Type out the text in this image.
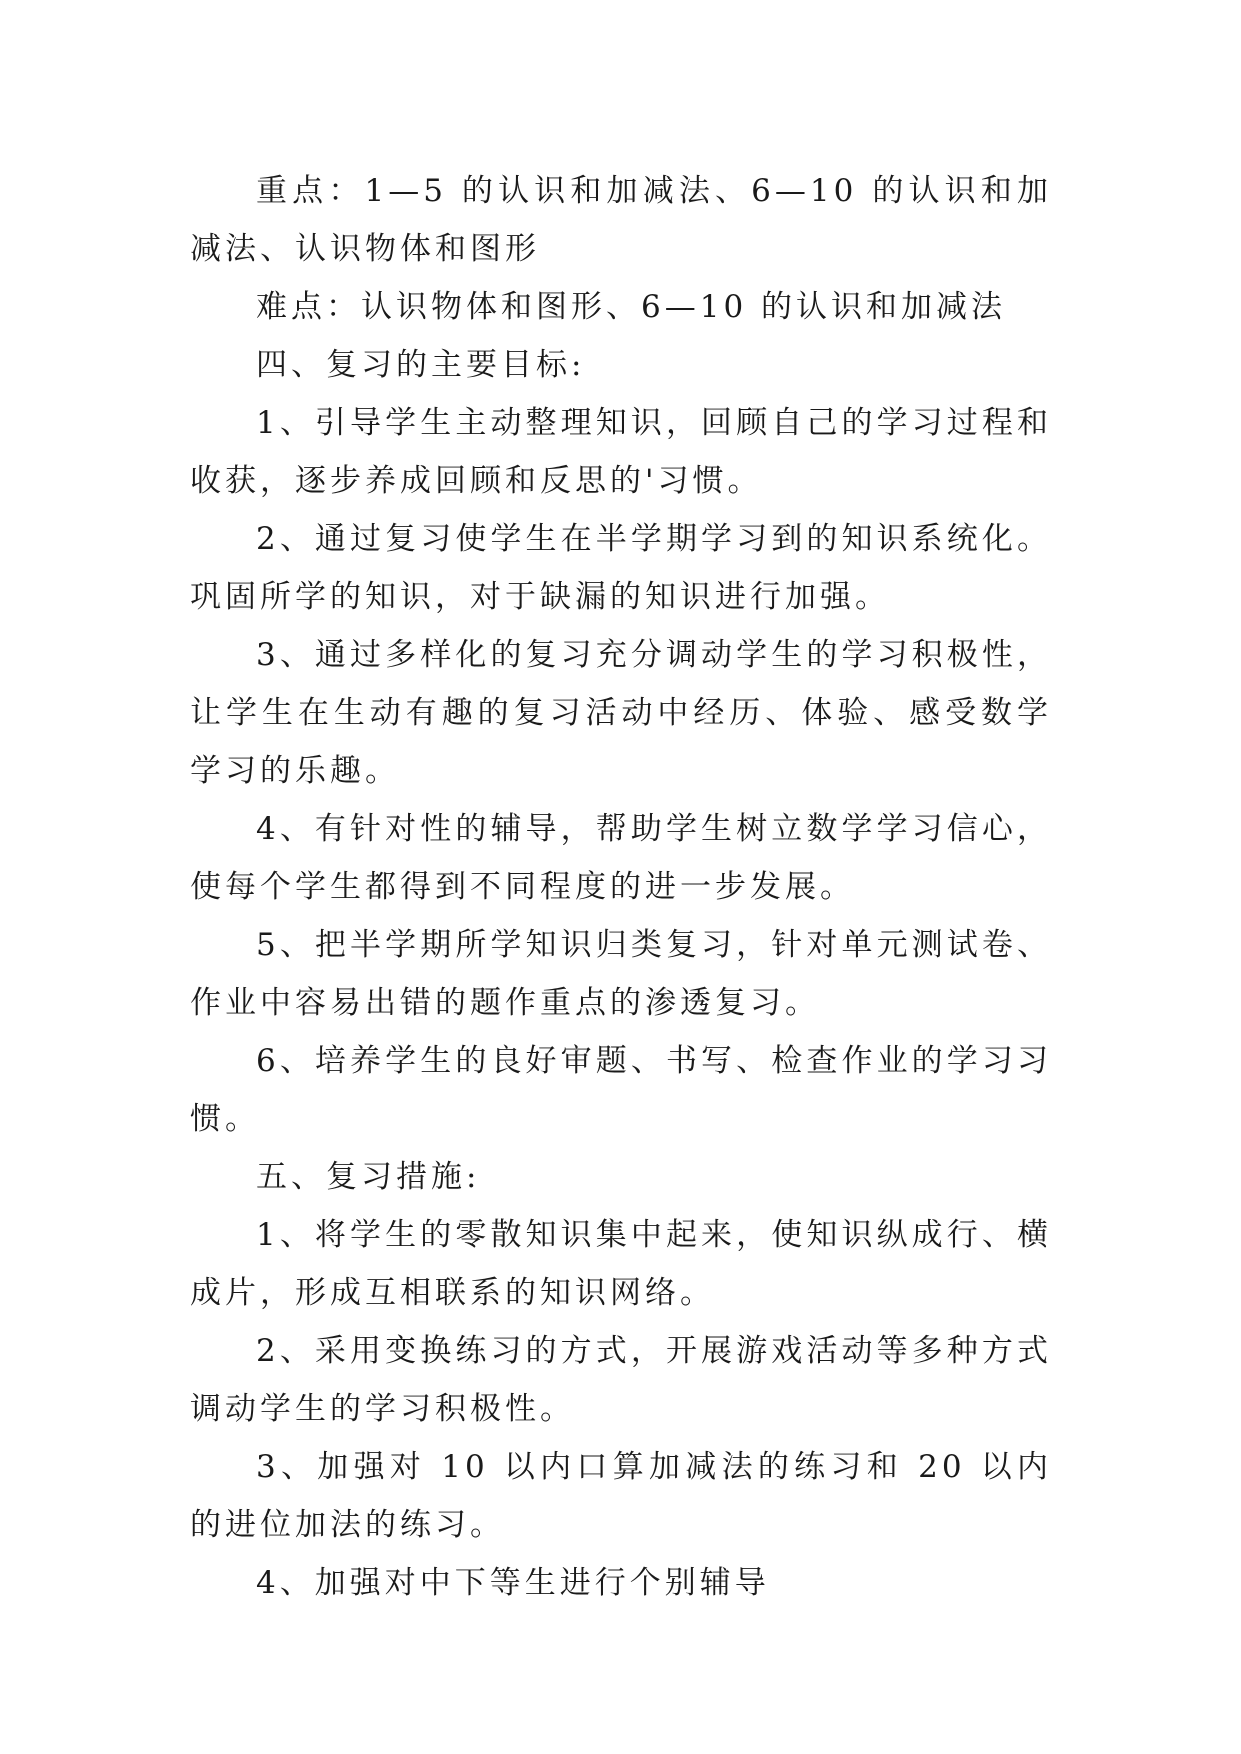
重点：1—5 的认识和加减法、6—10 的认识和加减法、认识物体和图形

难点：认识物体和图形、6—10 的认识和加减法

四、复习的主要目标:

1、引导学生主动整理知识，回顾自己的学习过程和收获，逐步养成回顾和反思的'习惯。

2、通过复习使学生在半学期学习到的知识系统化。巩固所学的知识，对于缺漏的知识进行加强。

3、通过多样化的复习充分调动学生的学习积极性，让学生在生动有趣的复习活动中经历、体验、感受数学学习的乐趣。

4、有针对性的辅导，帮助学生树立数学学习信心，使每个学生都得到不同程度的进一步发展。

5、把半学期所学知识归类复习，针对单元测试卷、作业中容易出错的题作重点的渗透复习。

6、培养学生的良好审题、书写、检查作业的学习习惯。

五、复习措施:

1、将学生的零散知识集中起来，使知识纵成行、横成片，形成互相联系的知识网络。

2、采用变换练习的方式，开展游戏活动等多种方式调动学生的学习积极性。

3、加强对 10 以内口算加减法的练习和 20 以内的进位加法的练习。

4、加强对中下等生进行个别辅导
